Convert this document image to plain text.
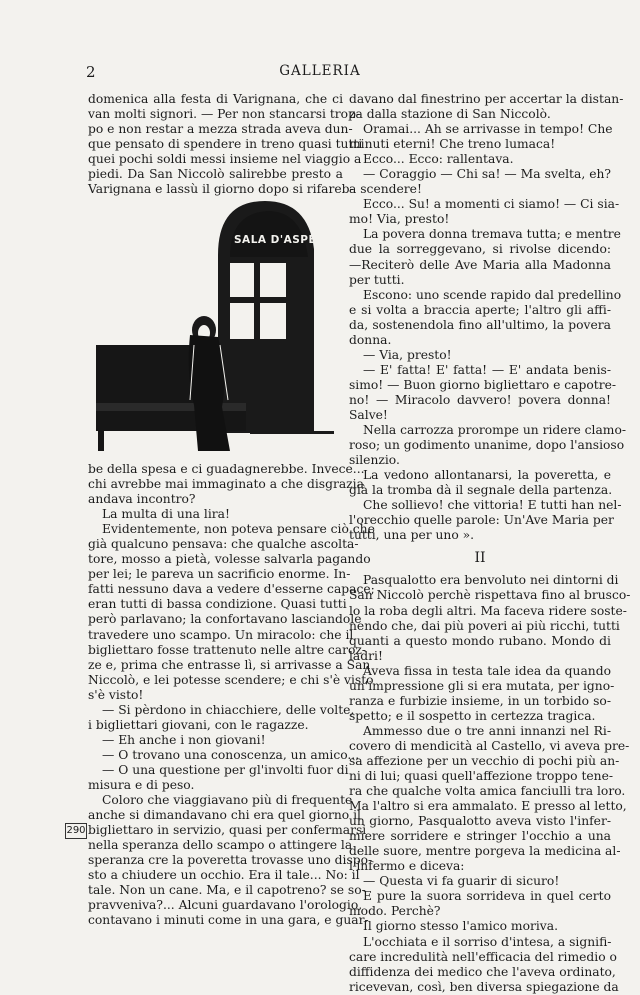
2	GALLERIA
domenica alla festa di Varignana, che ci
van molti signori. — Per non stancarsi trop-
po e non restar a mezza strada aveva dun-
que pensato di spendere in treno quasi tutti
quei pochi soldi messi insieme nel viaggio a
piedi. Da San Niccolò salirebbe presto a
Varignana e lassù il giorno dopo si rifareb-
SALA D'ASPETTO
be della spesa e ci guadagnerebbe. Invece...
chi avrebbe mai immaginato a che disgrazia
andava incontro?
La multa di una lira!
Evidentemente, non poteva pensare ciò che
già qualcuno pensava: che qualche ascolta-
tore, mosso a pietà, volesse salvarla pagando
per lei; le pareva un sacrificio enorme. In-
fatti nessuno dava a vedere d'esserne capace;
eran tutti di bassa condizione. Quasi tutti
però parlavano; la confortavano lasciandole
travedere uno scampo. Un miracolo: che il
bigliettaro fosse trattenuto nelle altre caroz-
ze e, prima che entrasse lì, si arrivasse a San
Niccolò, e lei potesse scendere; e chi s'è visto
s'è visto!
— Si pèrdono in chiacchiere, delle volte,
i bigliettari giovani, con le ragazze.
— Eh anche i non giovani!
— O trovano una conoscenza, un amico...
— O una questione per gl'involti fuor di
misura e di peso.
Coloro che viaggiavano più di frequente
anche si dimandavano chi era quel giorno il
bigliettaro in servizio, quasi per confermarsi
nella speranza dello scampo o attingere la
speranza cre la poveretta trovasse uno dispo-
sto a chiudere un occhio. Era il tale... No: il
tale. Non un cane. Ma, e il capotreno? se so-
pravveniva?... Alcuni guardavano l'orologio,
contavano i minuti come in una gara, e guar-
davano dal finestrino per accertar la distan-
za dalla stazione di San Niccolò.
Oramai... Ah se arrivasse in tempo! Che
minuti eterni! Che treno lumaca!
Ecco... Ecco: rallentava.
— Coraggio — Chi sa! — Ma svelta, eh?
a scendere!
Ecco... Su! a momenti ci siamo! — Ci sia-
mo! Via, presto!
La povera donna tremava tutta; e mentre
due la sorreggevano, si rivolse dicendo:
—Reciterò delle Ave Maria alla Madonna
per tutti.
Escono: uno scende rapido dal predellino
e si volta a braccia aperte; l'altro gli affi-
da, sostenendola fino all'ultimo, la povera
donna.
— Via, presto!
— E' fatta! E' fatta! — E' andata benis-
simo! — Buon giorno bigliettaro e capotre-
no! — Miracolo davvero! povera donna!
Salve!
Nella carrozza prorompe un ridere clamo-
roso; un godimento unanime, dopo l'ansioso
silenzio.
La vedono allontanarsi, la poveretta, e
già la tromba dà il segnale della partenza.
Che sollievo! che vittoria! E tutti han nel-
l'orecchio quelle parole: Un'Ave Maria per
tutti, una per uno ».
II
Pasqualotto era benvoluto nei dintorni di
San Niccolò perchè rispettava fino al brusco-
lo la roba degli altri. Ma faceva ridere soste-
nendo che, dai più poveri ai più ricchi, tutti
quanti a questo mondo rubano. Mondo di
ladri!
Aveva fissa in testa tale idea da quando
un'impressione gli si era mutata, per igno-
ranza e furbizie insieme, in un torbido so-
spetto; e il sospetto in certezza tragica.
Ammesso due o tre anni innanzi nel Ri-
covero di mendicità al Castello, vi aveva pre-
sa affezione per un vecchio di pochi più an-
ni di lui; quasi quell'affezione troppo tene-
ra che qualche volta amica fanciulli tra loro.
Ma l'altro si era ammalato. E presso al letto,
un giorno, Pasqualotto aveva visto l'infer-
miere sorridere e stringer l'occhio a una
delle suore, mentre porgeva la medicina al-
l'infermo e diceva:
— Questa vi fa guarir di sicuro!
E pure la suora sorrideva in quel certo
modo. Perchè?
Il giorno stesso l'amico moriva.
L'occhiata e il sorriso d'intesa, a signifi-
care incredulità nell'efficacia del rimedio o
diffidenza dei medico che l'aveva ordinato,
ricevevan, così, ben diversa spiegazione da
290
